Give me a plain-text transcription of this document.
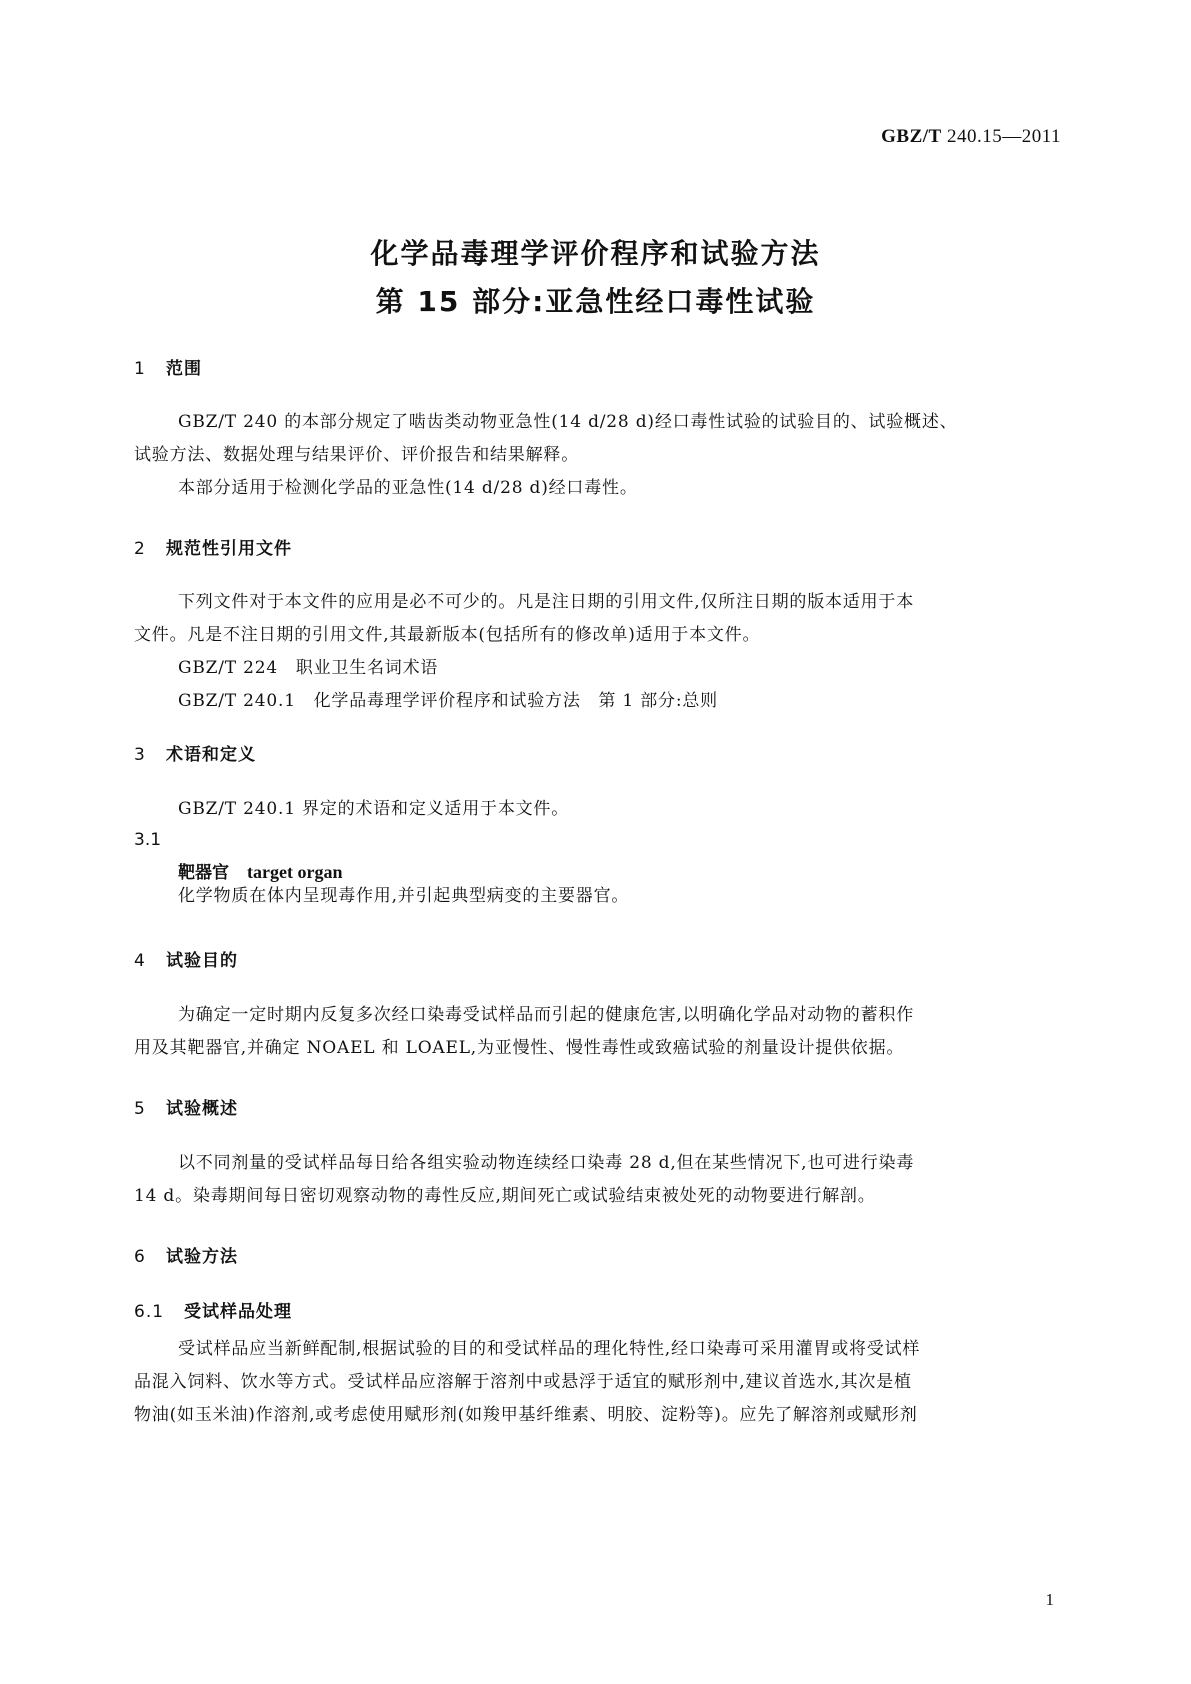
GBZ/T 240.15—2011
化学品毒理学评价程序和试验方法
第 15 部分:亚急性经口毒性试验
1 范围
GBZ/T 240 的本部分规定了啮齿类动物亚急性(14 d/28 d)经口毒性试验的试验目的、试验概述、
试验方法、数据处理与结果评价、评价报告和结果解释。
本部分适用于检测化学品的亚急性(14 d/28 d)经口毒性。
2 规范性引用文件
下列文件对于本文件的应用是必不可少的。凡是注日期的引用文件,仅所注日期的版本适用于本
文件。凡是不注日期的引用文件,其最新版本(包括所有的修改单)适用于本文件。
GBZ/T 224　职业卫生名词术语
GBZ/T 240.1　化学品毒理学评价程序和试验方法　第 1 部分:总则
3 术语和定义
GBZ/T 240.1 界定的术语和定义适用于本文件。
3.1
靶器官 target organ
化学物质在体内呈现毒作用,并引起典型病变的主要器官。
4 试验目的
为确定一定时期内反复多次经口染毒受试样品而引起的健康危害,以明确化学品对动物的蓄积作
用及其靶器官,并确定 NOAEL 和 LOAEL,为亚慢性、慢性毒性或致癌试验的剂量设计提供依据。
5 试验概述
以不同剂量的受试样品每日给各组实验动物连续经口染毒 28 d,但在某些情况下,也可进行染毒
14 d。染毒期间每日密切观察动物的毒性反应,期间死亡或试验结束被处死的动物要进行解剖。
6 试验方法
6.1 受试样品处理
受试样品应当新鲜配制,根据试验的目的和受试样品的理化特性,经口染毒可采用灌胃或将受试样
品混入饲料、饮水等方式。受试样品应溶解于溶剂中或悬浮于适宜的赋形剂中,建议首选水,其次是植
物油(如玉米油)作溶剂,或考虑使用赋形剂(如羧甲基纤维素、明胶、淀粉等)。应先了解溶剂或赋形剂
1
